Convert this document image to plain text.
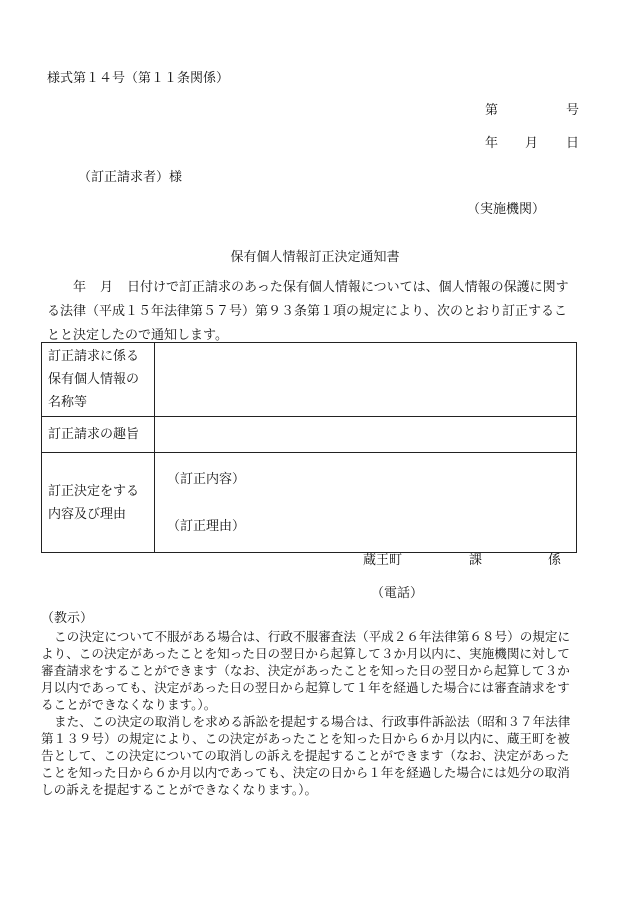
様式第１４号（第１１条関係）
第	号
年 月 日
（訂正請求者）様
（実施機関）
保有個人情報訂正決定通知書
年 月 日付けで訂正請求のあった保有個人情報については、個人情報の保護に関する法律（平成１５年法律第５７号）第９３条第１項の規定により、次のとおり訂正することと決定したので通知します。
訂正請求に係る
保有個人情報の
名称等	

訂正請求の趣旨	

訂正決定をする
内容及び理由	（訂正内容）
（訂正理由）
蔵王町	課	係
（電話）
（教示）
この決定について不服がある場合は、行政不服審査法（平成２６年法律第６８号）の規定により、この決定があったことを知った日の翌日から起算して３か月以内に、実施機関に対して審査請求をすることができます（なお、決定があったことを知った日の翌日から起算して３か月以内であっても、決定があった日の翌日から起算して１年を経過した場合には審査請求をすることができなくなります。）。
また、この決定の取消しを求める訴訟を提起する場合は、行政事件訴訟法（昭和３７年法律第１３９号）の規定により、この決定があったことを知った日から６か月以内に、蔵王町を被告として、この決定についての取消しの訴えを提起することができます（なお、決定があったことを知った日から６か月以内であっても、決定の日から１年を経過した場合には処分の取消しの訴えを提起することができなくなります。）。
